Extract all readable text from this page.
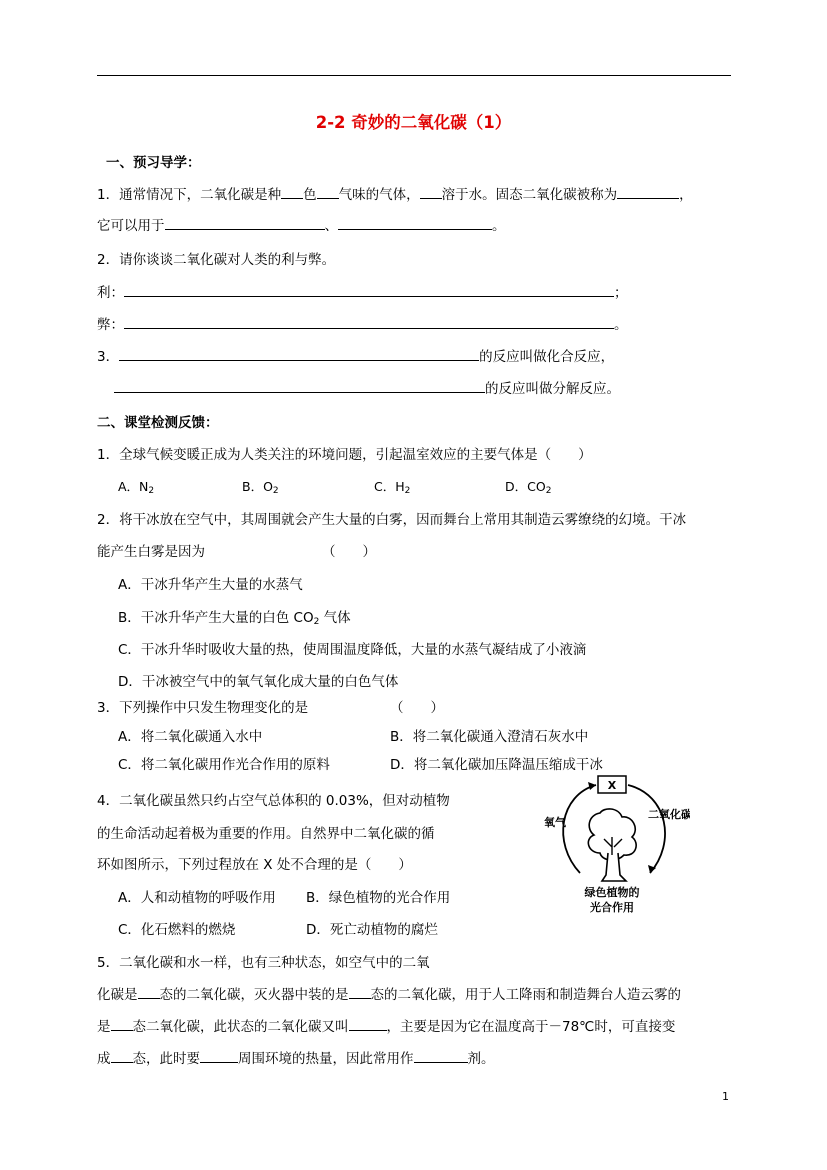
2-2 奇妙的二氧化碳（1）
一、预习导学：
1．通常情况下，二氧化碳是种 色 气味的气体， 溶于水。固态二氧化碳被称为	，
它可以用于	、	。
2．请你谈谈二氧化碳对人类的利与弊。
利：	；
弊：	。
3．	的反应叫做化合反应，
的反应叫做分解反应。
二、课堂检测反馈：
1．全球气候变暖正成为人类关注的环境问题，引起温室效应的主要气体是（　　）
A．$N_2$	B．$O_2$	C．$H_2$	D．$CO_2$
2．将干冰放在空气中，其周围就会产生大量的白雾，因而舞台上常用其制造云雾缭绕的幻境。干冰
能产生白雾是因为	（　　）
A．干冰升华产生大量的水蒸气
B．干冰升华产生大量的白色 $CO_2$ 气体
C．干冰升华时吸收大量的热，使周围温度降低，大量的水蒸气凝结成了小液滴
D．干冰被空气中的氧气氧化成大量的白色气体
3．下列操作中只发生物理变化的是	（　　）
A．将二氧化碳通入水中	B．将二氧化碳通入澄清石灰水中
C．将二氧化碳用作光合作用的原料	D．将二氧化碳加压降温压缩成干冰
4．二氧化碳虽然只约占空气总体积的 0.03%，但对动植物
的生命活动起着极为重要的作用。自然界中二氧化碳的循
环如图所示，下列过程放在 X 处不合理的是（　　）
A．人和动植物的呼吸作用 B．绿色植物的光合作用
C．化石燃料的燃烧	D．死亡动植物的腐烂
X
氧气
二氧化碳
绿色植物的
光合作用
5．二氧化碳和水一样，也有三种状态，如空气中的二氧
化碳是 态的二氧化碳，灭火器中装的是 态的二氧化碳，用于人工降雨和制造舞台人造云雾的
是 态二氧化碳，此状态的二氧化碳又叫	，主要是因为它在温度高于－78℃时，可直接变
成 态，此时要	周围环境的热量，因此常用作	剂。
1
